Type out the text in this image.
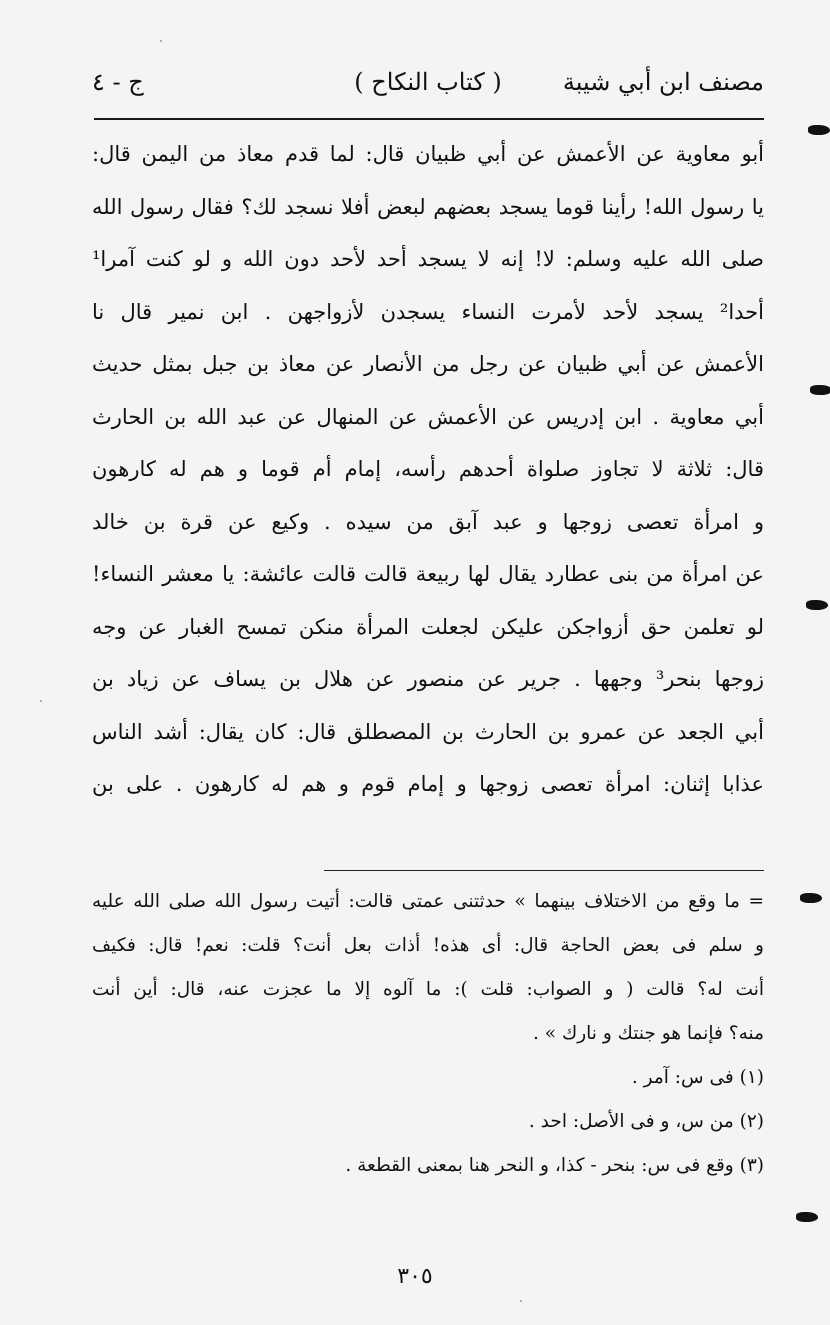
مصنف ابن أبي شيبة
( كتاب النكاح )
ج - ٤
أبو معاوية عن الأعمش عن أبي ظبيان قال: لما قدم معاذ من اليمن قال:
يا رسول الله! رأينا قوما يسجد بعضهم لبعض أفلا نسجد لك؟ فقال رسول الله
صلى الله عليه وسلم: لا! إنه لا يسجد أحد لأحد دون الله و لو كنت آمرا¹
أحدا² يسجد لأحد لأمرت النساء يسجدن لأزواجهن . ابن نمير قال نا
الأعمش عن أبي ظبيان عن رجل من الأنصار عن معاذ بن جبل بمثل حديث
أبي معاوية . ابن إدريس عن الأعمش عن المنهال عن عبد الله بن الحارث
قال: ثلاثة لا تجاوز صلواة أحدهم رأسه، إمام أم قوما و هم له كارهون
و امرأة تعصى زوجها و عبد آبق من سيده . وكيع عن قرة بن خالد
عن امرأة من بنى عطارد يقال لها ربيعة قالت قالت عائشة: يا معشر النساء!
لو تعلمن حق أزواجكن عليكن لجعلت المرأة منكن تمسح الغبار عن وجه
زوجها بنحر³ وجهها . جرير عن منصور عن هلال بن يساف عن زياد بن
أبي الجعد عن عمرو بن الحارث بن المصطلق قال: كان يقال: أشد الناس
عذابا إثنان: امرأة تعصى زوجها و إمام قوم و هم له كارهون . على بن
= ما وقع من الاختلاف بينهما » حدثتنى عمتى قالت: أتيت رسول الله صلى الله عليه
و سلم فى بعض الحاجة قال: أى هذه! أذات بعل أنت؟ قلت: نعم! قال: فكيف
أنت له؟ قالت ( و الصواب: قلت ): ما آلوه إلا ما عجزت عنه، قال: أين أنت
منه؟ فإنما هو جنتك و نارك » .
(١) فى س: آمر .
(٢) من س، و فى الأصل: احد .
(٣) وقع فى س: بنحر - كذا، و النحر هنا بمعنى القطعة .
٣٠٥
